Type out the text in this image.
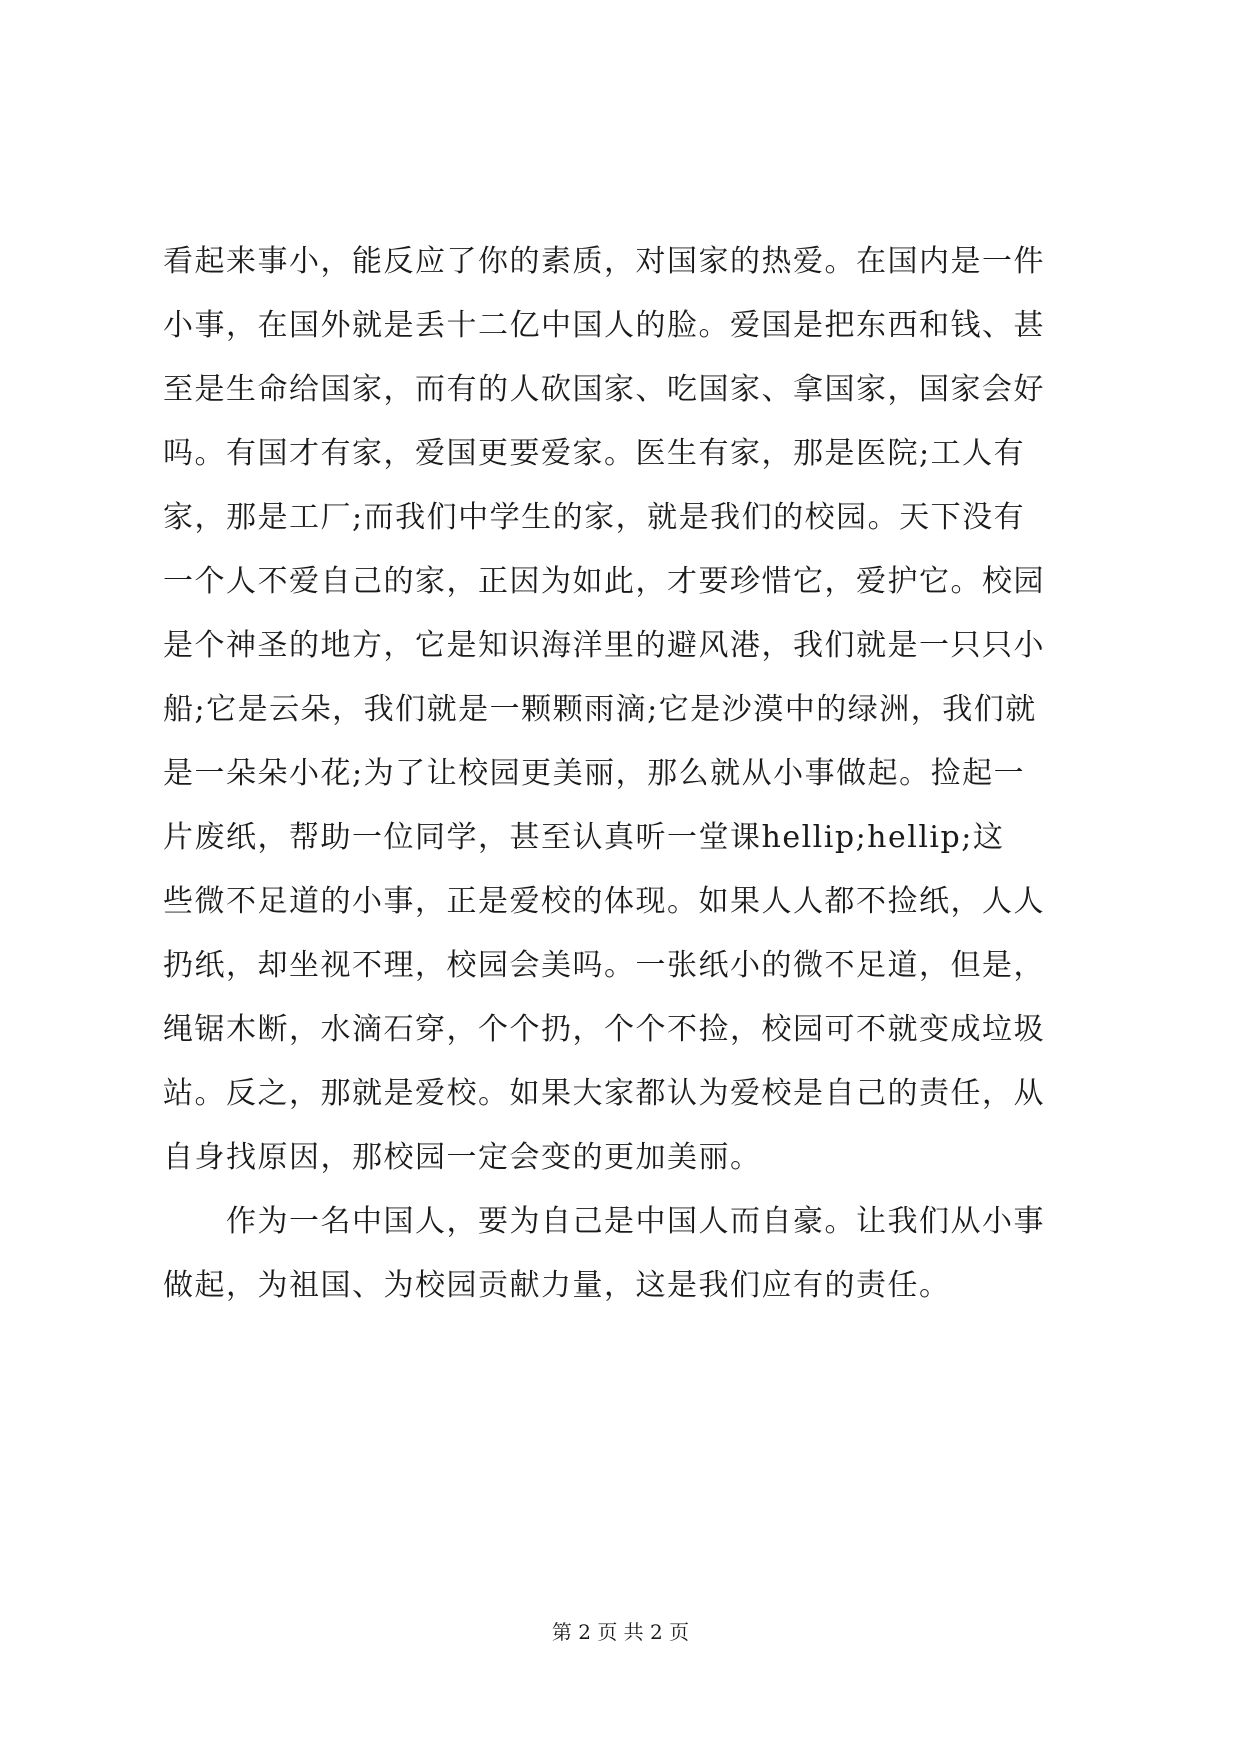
看起来事小，能反应了你的素质，对国家的热爱。在国内是一件
小事，在国外就是丢十二亿中国人的脸。爱国是把东西和钱、甚
至是生命给国家，而有的人砍国家、吃国家、拿国家，国家会好
吗。有国才有家，爱国更要爱家。医生有家，那是医院;工人有
家，那是工厂;而我们中学生的家，就是我们的校园。天下没有
一个人不爱自己的家，正因为如此，才要珍惜它，爱护它。校园
是个神圣的地方，它是知识海洋里的避风港，我们就是一只只小
船;它是云朵，我们就是一颗颗雨滴;它是沙漠中的绿洲，我们就
是一朵朵小花;为了让校园更美丽，那么就从小事做起。捡起一
片废纸，帮助一位同学，甚至认真听一堂课hellip;hellip;这
些微不足道的小事，正是爱校的体现。如果人人都不捡纸，人人
扔纸，却坐视不理，校园会美吗。一张纸小的微不足道，但是，
绳锯木断，水滴石穿，个个扔，个个不捡，校园可不就变成垃圾
站。反之，那就是爱校。如果大家都认为爱校是自己的责任，从
自身找原因，那校园一定会变的更加美丽。
　　作为一名中国人，要为自己是中国人而自豪。让我们从小事
做起，为祖国、为校园贡献力量，这是我们应有的责任。
第 2 页 共 2 页
